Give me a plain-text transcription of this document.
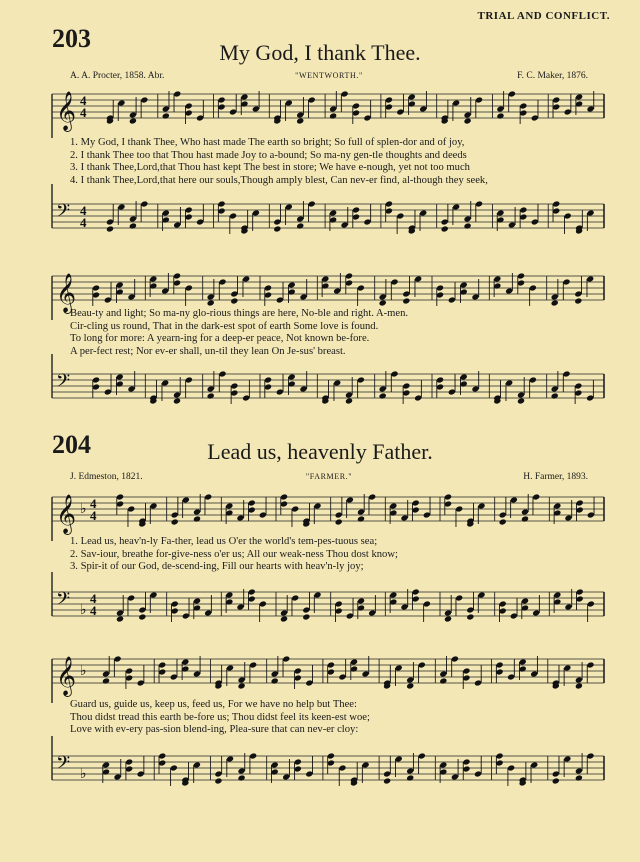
TRIAL AND CONFLICT.
203	My God, I thank Thee.
A. A. Procter, 1858. Abr.	"WENTWORTH."	F. C. Maker, 1876.
𝄞 4
4
1. My God, I thank Thee, Who hast made The earth so bright; So full of splen-dor and of joy,
2. I thank Thee too that Thou hast made Joy to a-bound; So ma-ny gen-tle thoughts and deeds
3. I thank Thee,Lord,that Thou hast kept The best in store; We have e-nough, yet not too much
4. I thank Thee,Lord,that here our souls,Though amply blest, Can nev-er find, al-though they seek,
𝄢 4
4
𝄞
Beau-ty and light; So ma-ny glo-rious things are here, No-ble and right. A-men.
Cir-cling us round, That in the dark-est spot of earth Some love is found.
To long for more: A yearn-ing for a deep-er peace, Not known be-fore.
A per-fect rest; Nor ev-er shall, un-til they lean On Je-sus' breast.
𝄢
204	Lead us, heavenly Father.
J. Edmeston, 1821.	"FARMER."	H. Farmer, 1893.
𝄞 ♭ 4
4
1. Lead us, heav'n-ly Fa-ther, lead us O'er the world's tem-pes-tuous sea;
2. Sav-iour, breathe for-give-ness o'er us; All our weak-ness Thou dost know;
3. Spir-it of our God, de-scend-ing, Fill our hearts with heav'n-ly joy;
𝄢 ♭
4
4
𝄞 ♭
Guard us, guide us, keep us, feed us, For we have no help but Thee:
Thou didst tread this earth be-fore us; Thou didst feel its keen-est woe;
Love with ev-ery pas-sion blend-ing, Plea-sure that can nev-er cloy:
𝄢 ♭
